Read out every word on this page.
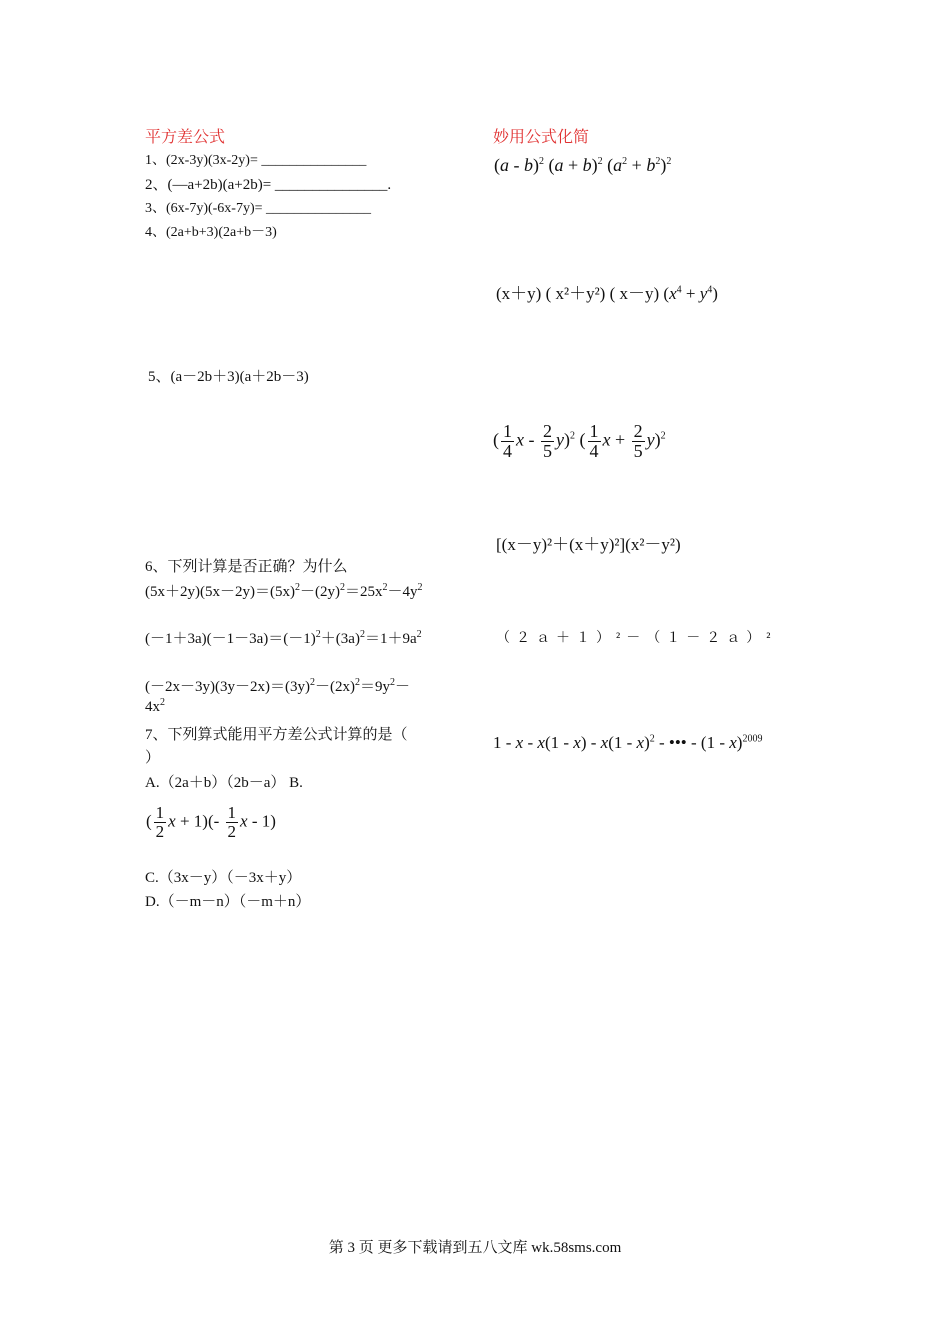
平方差公式
1、(2x-3y)(3x-2y)= _______________
2、(—a+2b)(a+2b)= _______________.
3、(6x-7y)(-6x-7y)= _______________
4、(2a+b+3)(2a+b－3)
5、(a－2b＋3)(a＋2b－3)
6、下列计算是否正确？为什么
$(5x+2y)(5x-2y)=(5x)^2-(2y)^2=25x^2-4y^2$
$(-1+3a)(-1-3a)=(-1)^2+(3a)^2=1+9a^2$
$(-2x-3y)(3y-2x)=(3y)^2-(2x)^2=9y^2-$
$4x^2$
7、下列算式能用平方差公式计算的是（
）
A.（2a＋b）（2b－a） B.
( $\frac{1}{2}$ $x + 1)(- \frac{1}{2}$ x - 1)
C.（3x－y）（－3x＋y）
D.（－m－n）（－m＋n）
妙用公式化简
(a - b)$^2$ $(a + b)^2$ $(a^2 + b^2)^2$
(x＋y) ( x²＋y²) ( x－y) $(x^4 + y^4)$
( $\frac{1}{4}$ x - $\frac{2}{5} y)^2$ ( $\frac{1}{4}$ $x + \frac{2}{5} y)^2$
[(x－y)²＋(x＋y)²](x²－y²)
（２ａ＋１）²－（１－２ａ）²
1 - x - x(1 - x) - x(1 - x)$^2$ - ••• - (1 - x)$^{2009}$
第 3 页 更多下载请到五八文库 wk.58sms.com
